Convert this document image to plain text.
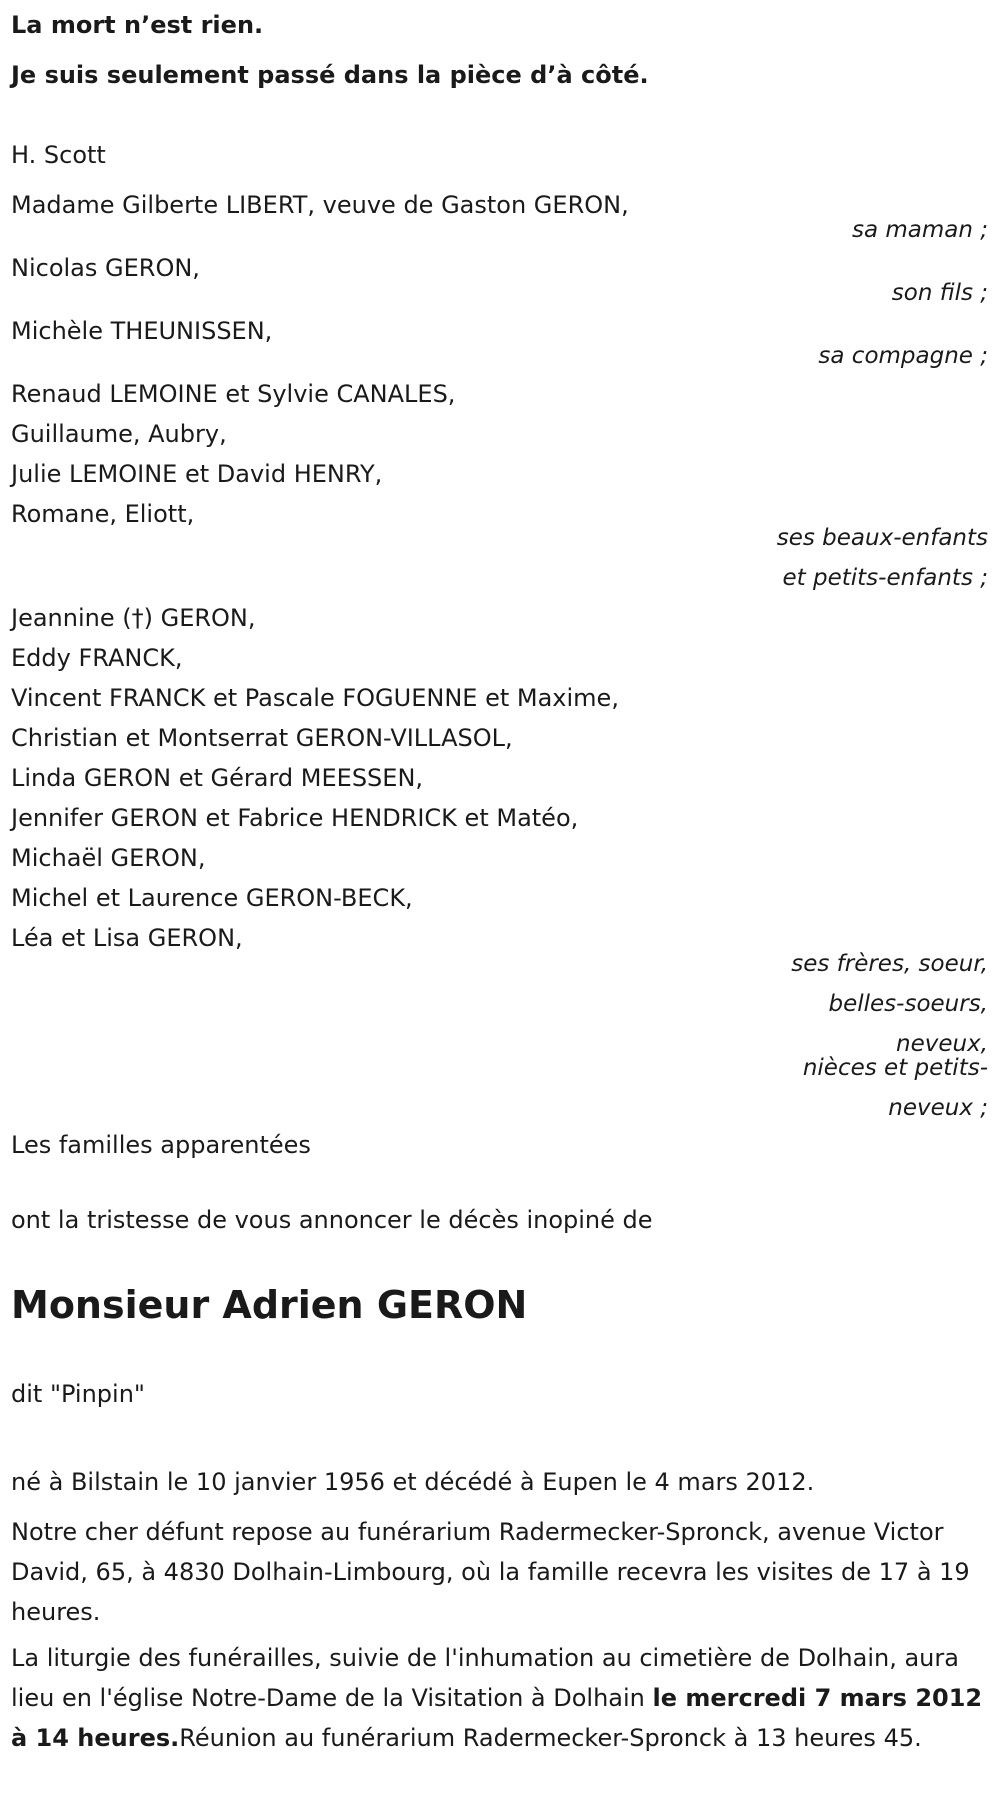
La mort n’est rien.
Je suis seulement passé dans la pièce d’à côté.
H. Scott
Madame Gilberte LIBERT, veuve de Gaston GERON,
sa maman ;
Nicolas GERON,
son fils ;
Michèle THEUNISSEN,
sa compagne ;
Renaud LEMOINE et Sylvie CANALES,
Guillaume, Aubry,
Julie LEMOINE et David HENRY,
Romane, Eliott,
ses beaux-enfants
et petits-enfants ;
Jeannine (†) GERON,
Eddy FRANCK,
Vincent FRANCK et Pascale FOGUENNE et Maxime,
Christian et Montserrat GERON-VILLASOL,
Linda GERON et Gérard MEESSEN,
Jennifer GERON et Fabrice HENDRICK et Matéo,
Michaël GERON,
Michel et Laurence GERON-BECK,
Léa et Lisa GERON,
ses frères, soeur,
belles-soeurs,
neveux,
nièces et petits-
neveux ;
Les familles apparentées
ont la tristesse de vous annoncer le décès inopiné de
Monsieur Adrien GERON
dit "Pinpin"
né à Bilstain le 10 janvier 1956 et décédé à Eupen le 4 mars 2012.
Notre cher défunt repose au funérarium Radermecker-Spronck, avenue Victor David, 65, à 4830 Dolhain-Limbourg, où la famille recevra les visites de 17 à 19 heures.
La liturgie des funérailles, suivie de l'inhumation au cimetière de Dolhain, aura lieu en l'église Notre-Dame de la Visitation à Dolhain le mercredi 7 mars 2012 à 14 heures.Réunion au funérarium Radermecker-Spronck à 13 heures 45.
